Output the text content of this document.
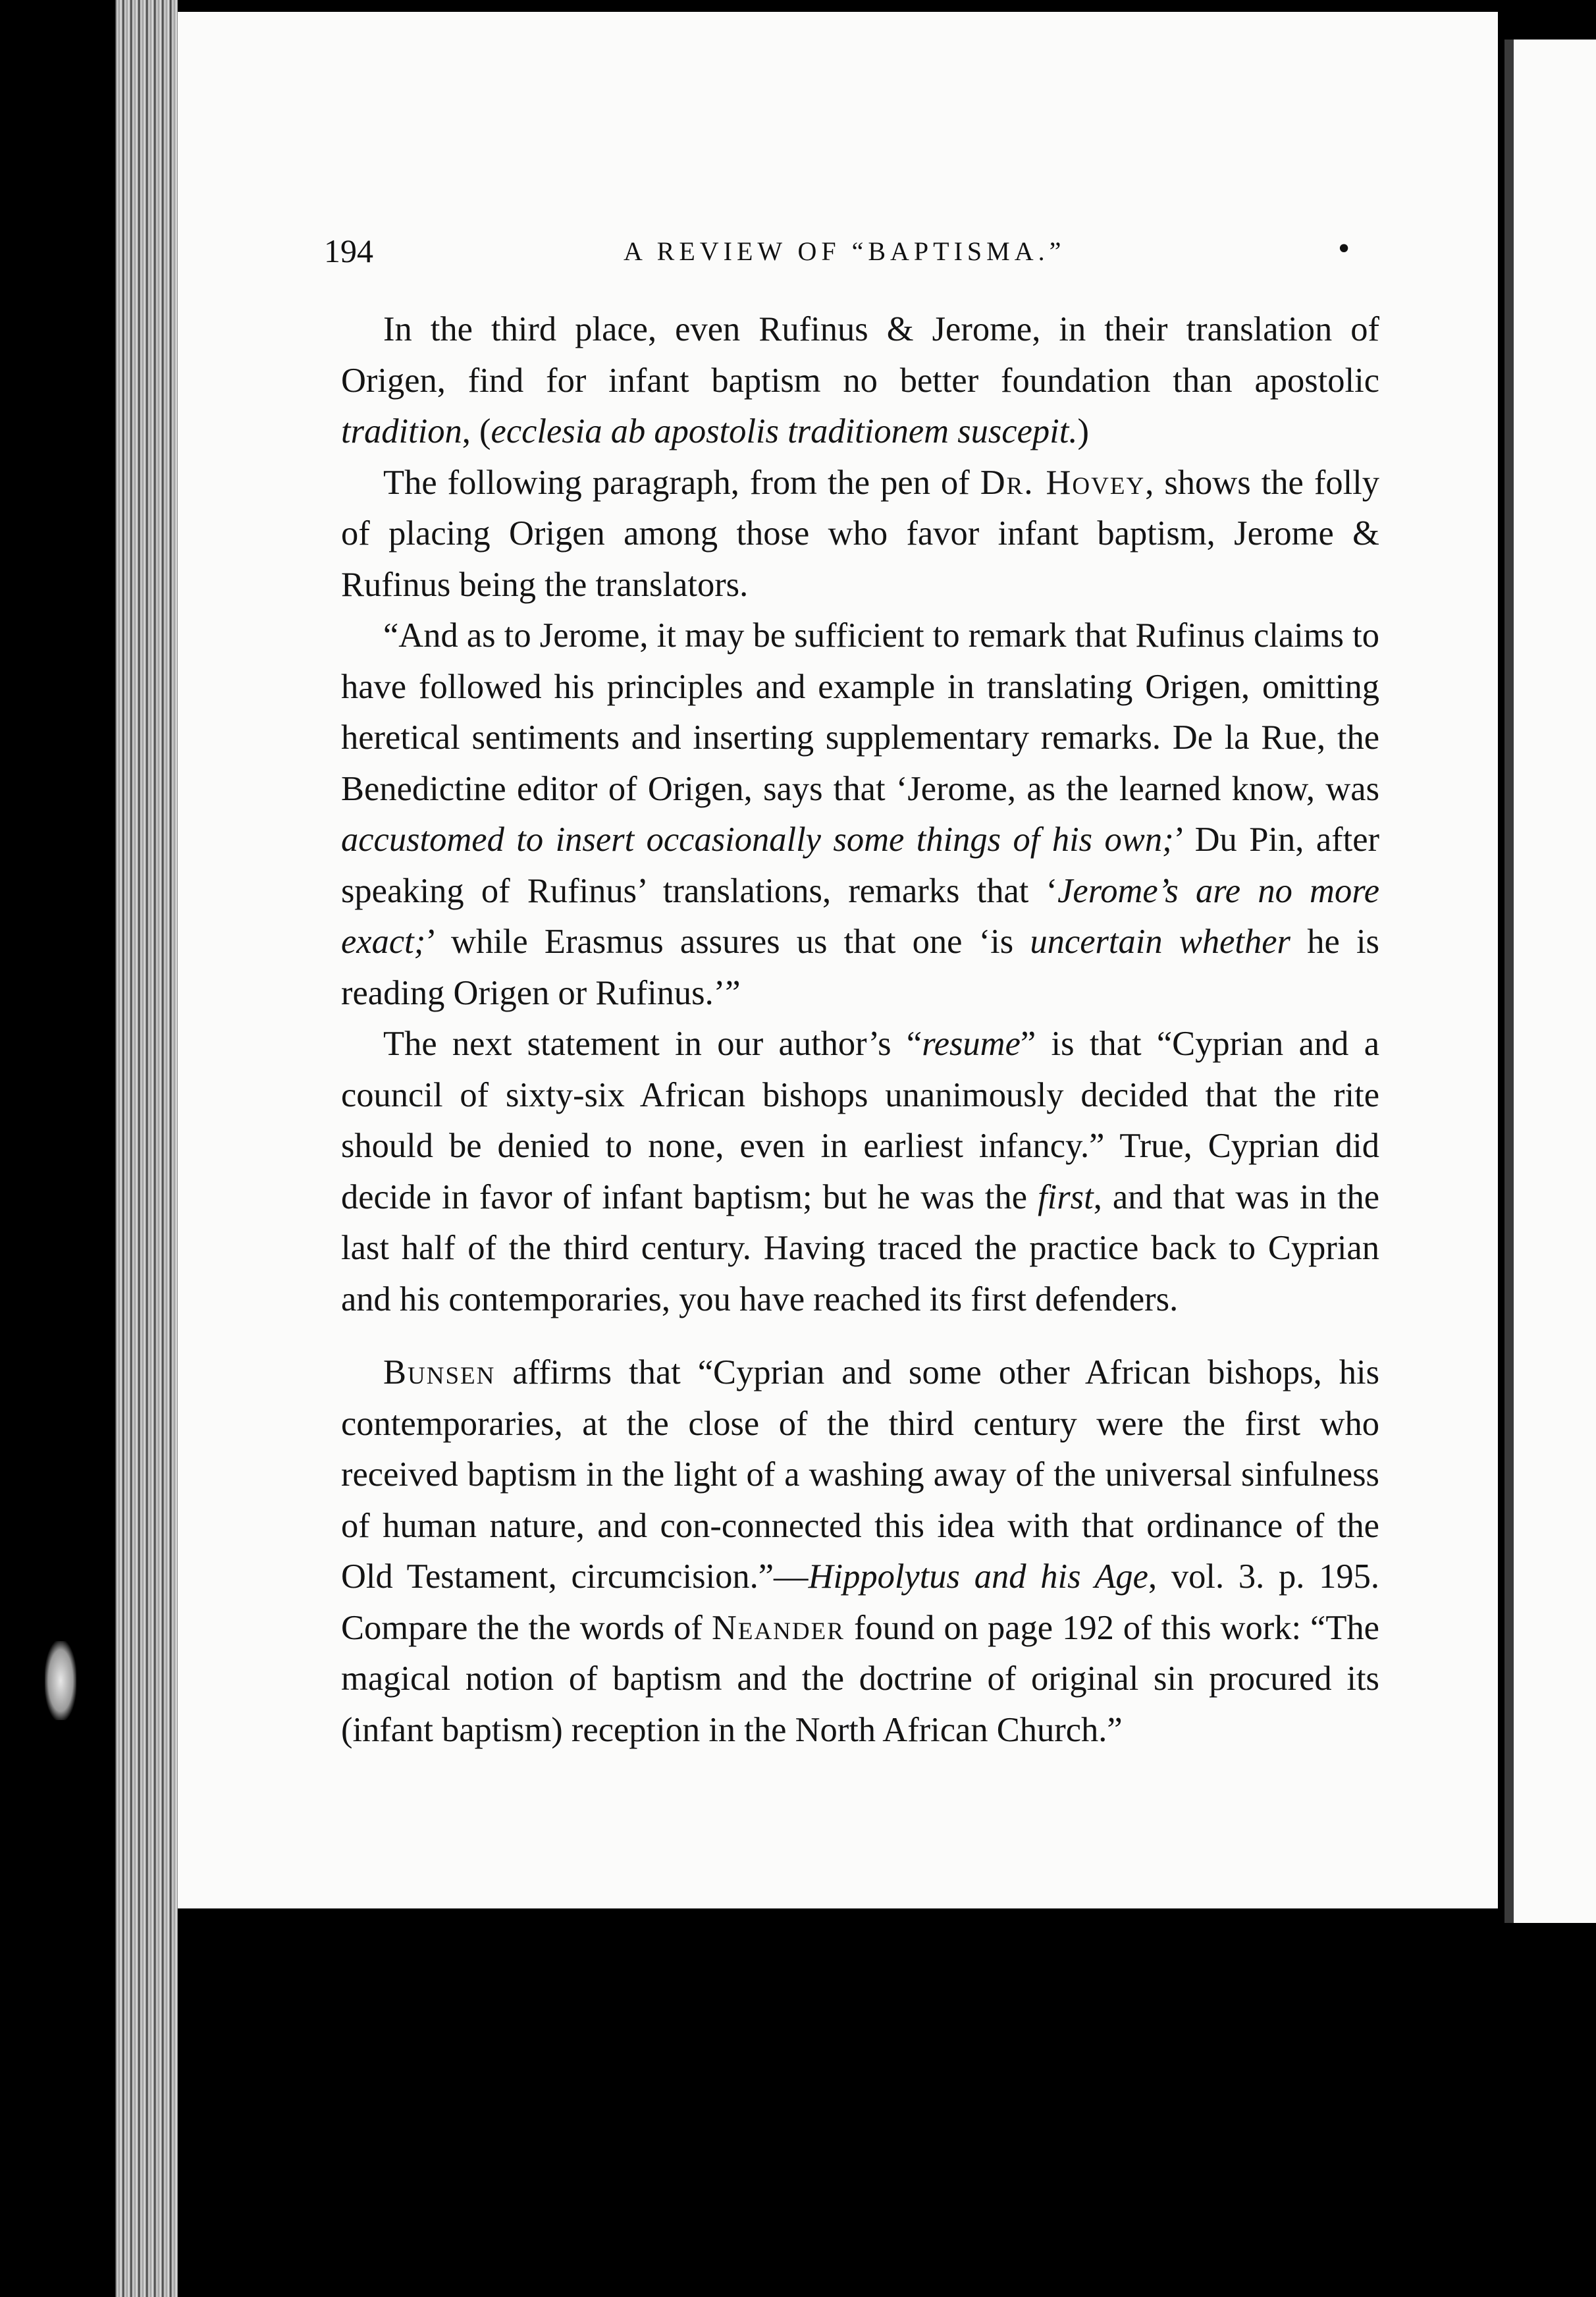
194	A REVIEW OF “BAPTISMA.”	•

In the third place, even Rufinus & Jerome, in their translation of Origen, find for infant baptism no better foundation than apostolic tradition, (ecclesia ab apostolis traditionem suscepit.)

The following paragraph, from the pen of Dr. Hovey, shows the folly of placing Origen among those who favor infant baptism, Jerome & Rufinus being the translators.

“And as to Jerome, it may be sufficient to remark that Rufinus claims to have followed his principles and example in translating Origen, omitting heretical sentiments and inserting supplementary remarks. De la Rue, the Benedictine editor of Origen, says that ‘Jerome, as the learned know, was accustomed to insert occasionally some things of his own;’ Du Pin, after speaking of Rufinus’ translations, remarks that ‘Jerome’s are no more exact;’ while Erasmus assures us that one ‘is uncertain whether he is reading Origen or Rufinus.’”

The next statement in our author’s “resume” is that “Cyprian and a council of sixty-six African bishops unanimously decided that the rite should be denied to none, even in earliest infancy.” True, Cyprian did decide in favor of infant baptism; but he was the first, and that was in the last half of the third century. Having traced the practice back to Cyprian and his contemporaries, you have reached its first defenders.

Bunsen affirms that “Cyprian and some other African bishops, his contemporaries, at the close of the third century were the first who received baptism in the light of a washing away of the universal sinfulness of human nature, and con-connected this idea with that ordinance of the Old Testament, circumcision.”—Hippolytus and his Age, vol. 3. p. 195. Compare the the words of Neander found on page 192 of this work: “The magical notion of baptism and the doctrine of original sin procured its (infant baptism) reception in the North African Church.”
